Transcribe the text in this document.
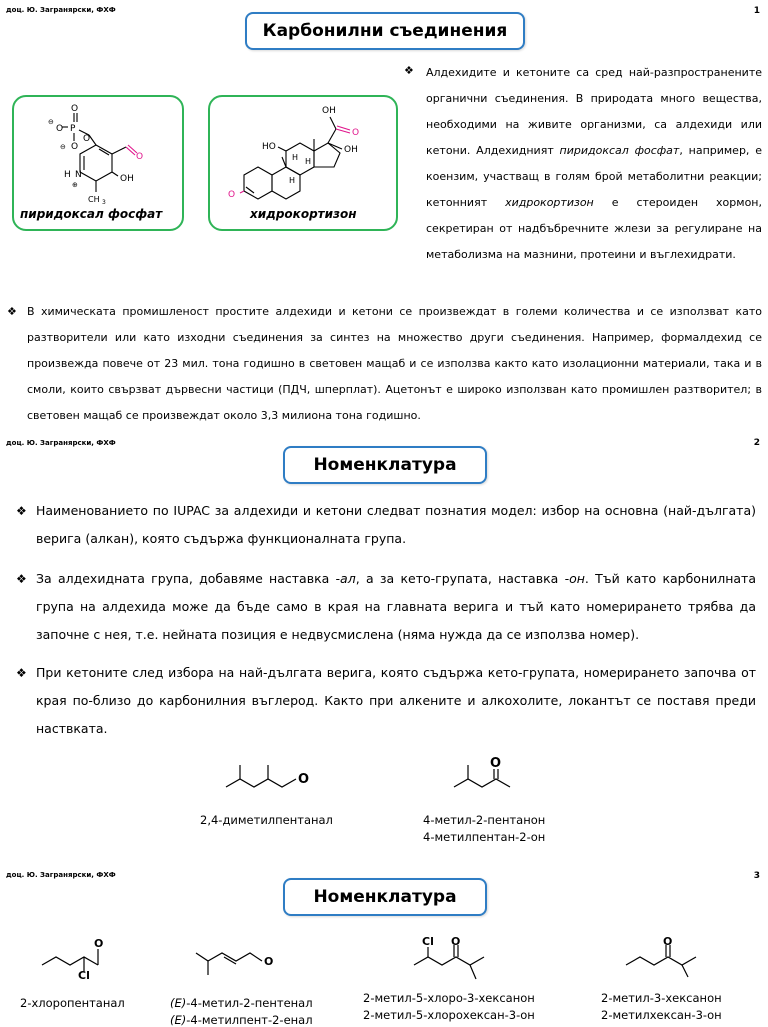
доц. Ю. Загранярски, ФХФ	1
Карбонилни съединения
O
P
O
⊖
O
⊖
O
O
OH
N
H
⊕
CH 3
пиридоксал фосфат
O
HO
H H
H
OH
O
OH
хидрокортизон
❖ Алдехидите и кетоните са сред най-разпространените органични съединения. В природата много вещества, необходими на живите организми, са алдехиди или кетони. Алдехидният пиридоксал фосфат, например, е коензим, участващ в голям брой метаболитни реакции; кетонният хидрокортизон е стероиден хормон, секретиран от надбъбречните жлези за регулиране на метаболизма на мазнини, протеини и въглехидрати.

❖ В химическата промишленост простите алдехиди и кетони се произвеждат в големи количества и се използват като разтворители или като изходни съединения за синтез на множество други съединения. Например, формалдехид се произвежда повече от 23 мил. тона годишно в световен мащаб и се използва както като изолационни материали, така и в смоли, които свързват дървесни частици (ПДЧ, шперплат). Ацетонът е широко използван като промишлен разтворител; в световен мащаб се произвеждат около 3,3 милиона тона годишно.

доц. Ю. Загранярски, ФХФ	2
Номенклатура
❖ Наименованието по IUPAC за алдехиди и кетони следват познатия модел: избор на основна (най-дългата) верига (алкан), която съдържа функционалната група.

❖ За алдехидната група, добавяме наставка -ал, а за кето-групата, наставка -он. Тъй като карбонилната група на алдехида може да бъде само в края на главната верига и тъй като номерирането трябва да започне с нея, т.е. нейната позиция е недвусмислена (няма нужда да се използва номер).

❖ При кетоните след избора на най-дългата верига, която съдържа кето-групата, номерирането започва от края по-близо до карбонилния въглерод. Както при алкените и алкохолите, локантът се поставя преди наствката.

O
O
2,4-диметилпентанал	4-метил-2-пентанон
4-метилпентан-2-он
доц. Ю. Загранярски, ФХФ	3
Номенклатура
O
Cl
O
Cl O	O
2-хлоропентанал	(E)-4-метил-2-пентенал
(E)-4-метилпент-2-енал
2-метил-5-хлоро-3-хексанон
2-метил-5-хлорохексан-3-он
2-метил-3-хексанон
2-метилхексан-3-он
